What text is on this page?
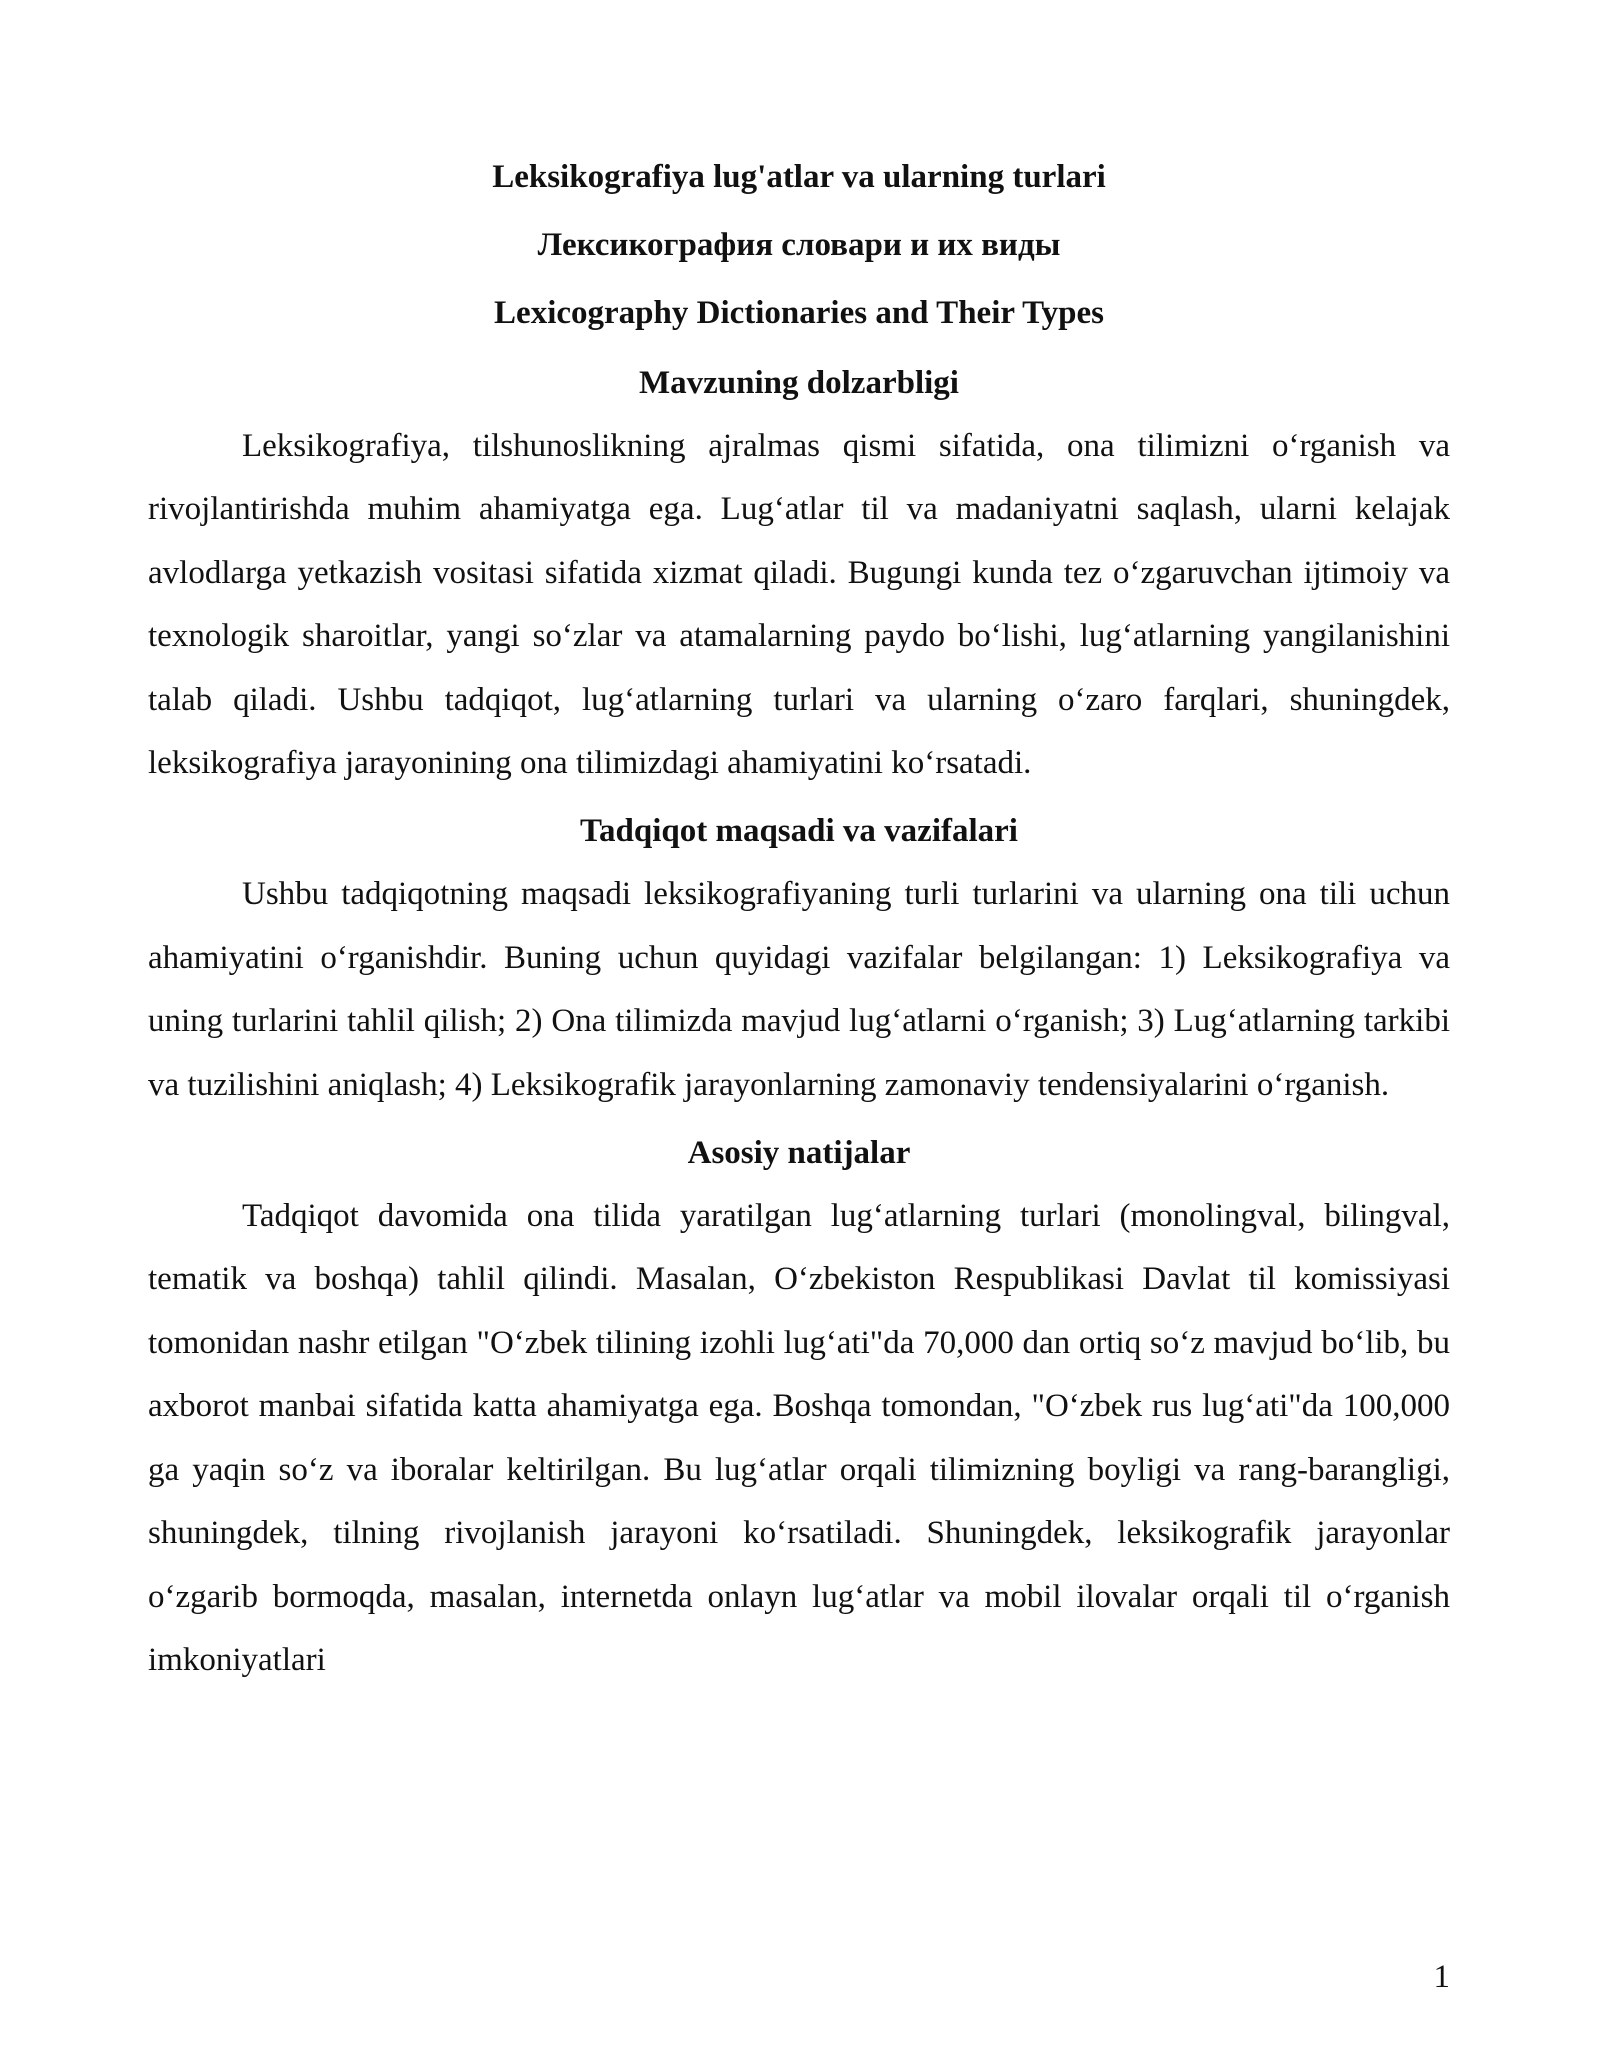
Leksikografiya lug'atlar va ularning turlari

Лексикография словари и их виды

Lexicography Dictionaries and Their Types

Mavzuning dolzarbligi

Leksikografiya, tilshunoslikning ajralmas qismi sifatida, ona tilimizni o‘rganish va rivojlantirishda muhim ahamiyatga ega. Lug‘atlar til va madaniyatni saqlash, ularni kelajak avlodlarga yetkazish vositasi sifatida xizmat qiladi. Bugungi kunda tez o‘zgaruvchan ijtimoiy va texnologik sharoitlar, yangi so‘zlar va atamalarning paydo bo‘lishi, lug‘atlarning yangilanishini talab qiladi. Ushbu tadqiqot, lug‘atlarning turlari va ularning o‘zaro farqlari, shuningdek, leksikografiya jarayonining ona tilimizdagi ahamiyatini ko‘rsatadi.

Tadqiqot maqsadi va vazifalari

Ushbu tadqiqotning maqsadi leksikografiyaning turli turlarini va ularning ona tili uchun ahamiyatini o‘rganishdir. Buning uchun quyidagi vazifalar belgilangan: 1) Leksikografiya va uning turlarini tahlil qilish; 2) Ona tilimizda mavjud lug‘atlarni o‘rganish; 3) Lug‘atlarning tarkibi va tuzilishini aniqlash; 4) Leksikografik jarayonlarning zamonaviy tendensiyalarini o‘rganish.

Asosiy natijalar

Tadqiqot davomida ona tilida yaratilgan lug‘atlarning turlari (monolingval, bilingval, tematik va boshqa) tahlil qilindi. Masalan, O‘zbekiston Respublikasi Davlat til komissiyasi tomonidan nashr etilgan "O‘zbek tilining izohli lug‘ati"da 70,000 dan ortiq so‘z mavjud bo‘lib, bu axborot manbai sifatida katta ahamiyatga ega. Boshqa tomondan, "O‘zbek rus lug‘ati"da 100,000 ga yaqin so‘z va iboralar keltirilgan. Bu lug‘atlar orqali tilimizning boyligi va rang-barangligi, shuningdek, tilning rivojlanish jarayoni ko‘rsatiladi. Shuningdek, leksikografik jarayonlar o‘zgarib bormoqda, masalan, internetda onlayn lug‘atlar va mobil ilovalar orqali til o‘rganish imkoniyatlari

1
